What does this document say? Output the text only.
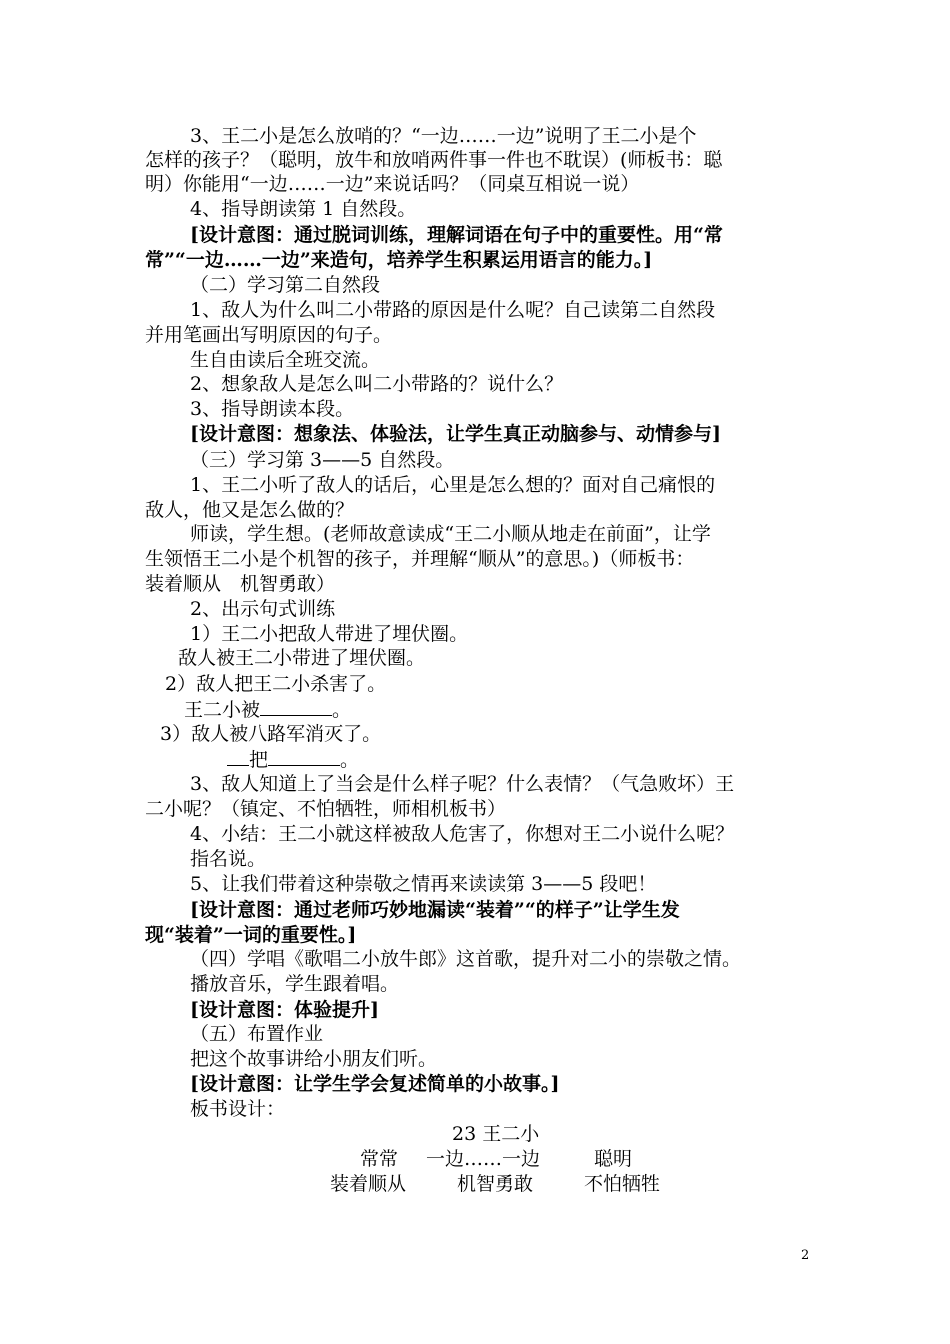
3、王二小是怎么放哨的？“一边……一边”说明了王二小是个
怎样的孩子？（聪明，放牛和放哨两件事一件也不耽误）(师板书：聪
明）你能用“一边……一边”来说话吗？（同桌互相说一说）
4、指导朗读第 1 自然段。
[设计意图：通过脱词训练，理解词语在句子中的重要性。用“常
常”“一边……一边”来造句，培养学生积累运用语言的能力。]
（二）学习第二自然段
1、敌人为什么叫二小带路的原因是什么呢？自己读第二自然段
并用笔画出写明原因的句子。
生自由读后全班交流。
2、想象敌人是怎么叫二小带路的？说什么？
3、指导朗读本段。
[设计意图：想象法、体验法，让学生真正动脑参与、动情参与]
（三）学习第 3——5 自然段。
1、王二小听了敌人的话后，心里是怎么想的？面对自己痛恨的
敌人，他又是怎么做的？
师读，学生想。(老师故意读成“王二小顺从地走在前面”，让学
生领悟王二小是个机智的孩子，并理解“顺从”的意思。)（师板书：
装着顺从　机智勇敢）
2、出示句式训练
1）王二小把敌人带进了埋伏圈。
敌人被王二小带进了埋伏圈。
2）敌人把王二小杀害了。
王二小被	。
3）敌人被八路军消灭了。
把	。
3、敌人知道上了当会是什么样子呢？什么表情？（气急败坏）王
二小呢？（镇定、不怕牺牲，师相机板书）
4、小结：王二小就这样被敌人危害了，你想对王二小说什么呢？
指名说。
5、让我们带着这种崇敬之情再来读读第 3——5 段吧！
[设计意图：通过老师巧妙地漏读“装着”“的样子”让学生发
现“装着”一词的重要性。]
（四）学唱《歌唱二小放牛郎》这首歌，提升对二小的崇敬之情。
播放音乐，学生跟着唱。
[设计意图：体验提升]
（五）布置作业
把这个故事讲给小朋友们听。
[设计意图：让学生学会复述简单的小故事。]
板书设计：
23 王二小
常常 一边……一边	聪明
装着顺从	机智勇敢	不怕牺牲
2
